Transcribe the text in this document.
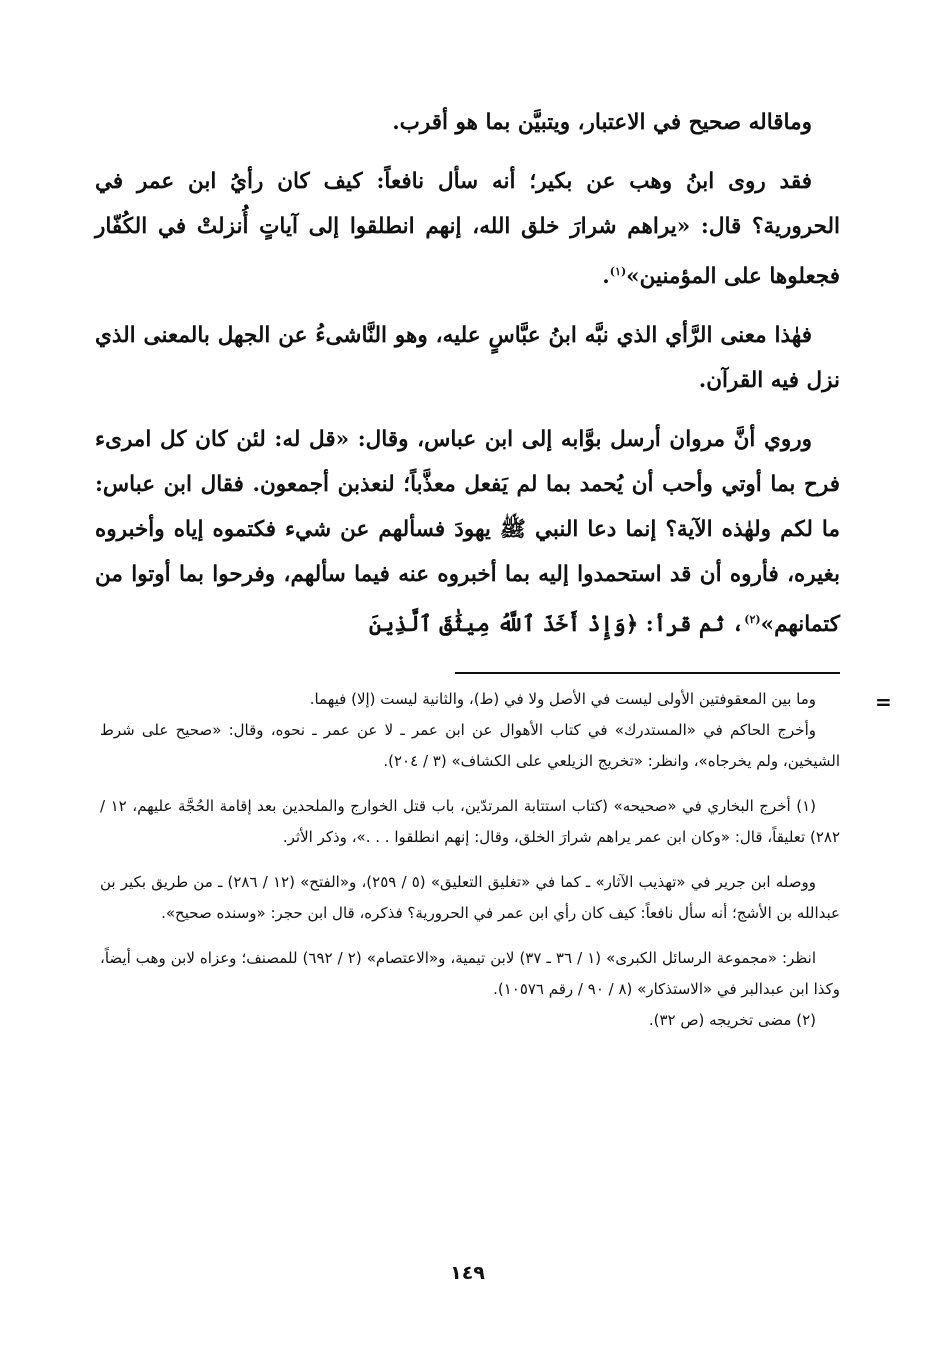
وماقاله صحيح في الاعتبار، ويتبيَّن بما هو أقرب.

فقد روى ابنُ وهب عن بكير؛ أنه سأل نافعاً: كيف كان رأيُ ابن عمر في الحرورية؟ قال: «يراهم شرارَ خلق الله، إنهم انطلقوا إلى آياتٍ أُنزلتْ في الكُفّار فجعلوها على المؤمنين»$^{(١)}$.

فهٰذا معنى الرَّأي الذي نبَّه ابنُ عبَّاسٍ عليه، وهو النَّاشىءُ عن الجهل بالمعنى الذي نزل فيه القرآن.

وروي أنَّ مروان أرسل بوَّابه إلى ابن عباس، وقال: «قل له: لئن كان كل امرىء فرح بما أوتي وأحب أن يُحمد بما لم يَفعل معذَّباً؛ لنعذبن أجمعون. فقال ابن عباس: ما لكم ولهٰذه الآية؟ إنما دعا النبي ﷺ يهودَ فسألهم عن شيء فكتموه إياه وأخبروه بغيره، فأروه أن قد استحمدوا إليه بما أخبروه عنه فيما سألهم، وفرحوا بما أوتوا من كتمانهم»$^{(٢)}$، ثم قرأ: ﴿وَإِذْ أَخَذَ ٱللَّهُ مِيثَٰقَ ٱلَّذِينَ

=

وما بين المعقوفتين الأولى ليست في الأصل ولا في (ط)، والثانية ليست (إلا) فيهما.

وأخرج الحاكم في «المستدرك» في كتاب الأهوال عن ابن عمر ـ لا عن عمر ـ نحوه، وقال: «صحيح على شرط الشيخين، ولم يخرجاه»، وانظر: «تخريج الزيلعي على الكشاف» (٣ / ٢٠٤).

(١) أخرج البخاري في «صحيحه» (كتاب استتابة المرتدّين، باب قتل الخوارج والملحدين بعد إقامة الحُجَّة عليهم، ١٢ / ٢٨٢) تعليقاً، قال: «وكان ابن عمر يراهم شرارَ الخلق، وقال: إنهم انطلقوا . . .»، وذكر الأثر.

ووصله ابن جرير في «تهذيب الآثار» ـ كما في «تغليق التعليق» (٥ / ٢٥٩)، و«الفتح» (١٢ / ٢٨٦) ـ من طريق بكير بن عبدالله بن الأشج؛ أنه سأل نافعاً: كيف كان رأي ابن عمر في الحرورية؟ فذكره، قال ابن حجر: «وسنده صحيح».

انظر: «مجموعة الرسائل الكبرى» (١ / ٣٦ ـ ٣٧) لابن تيمية، و«الاعتصام» (٢ / ٦٩٢) للمصنف؛ وعزاه لابن وهب أيضاً، وكذا ابن عبدالبر في «الاستذكار» (٨ / ٩٠ / رقم ١٠٥٧٦).

(٢) مضى تخريجه (ص ٣٢).

١٤٩
